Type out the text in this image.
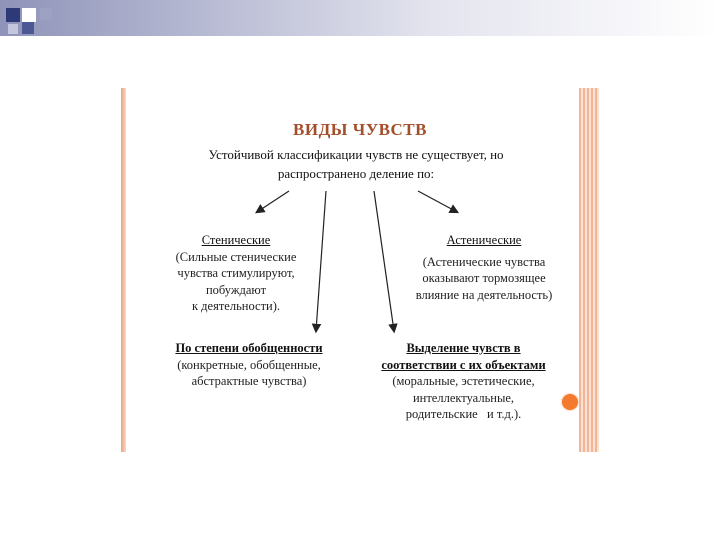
ВИДЫ ЧУВСТВ
Устойчивой классификации чувств не существует, но
распространено деление по:
Стенические
(Сильные стенические
чувства стимулируют,
побуждают
к деятельности).
Астенические
(Астенические чувства
оказывают тормозящее
влияние на деятельность)
По степени обобщенности
(конкретные, обобщенные,
абстрактные чувства)
Выделение чувств в
соответствии с их объектами
(моральные, эстетические,
интеллектуальные,
родительские   и т.д.).
